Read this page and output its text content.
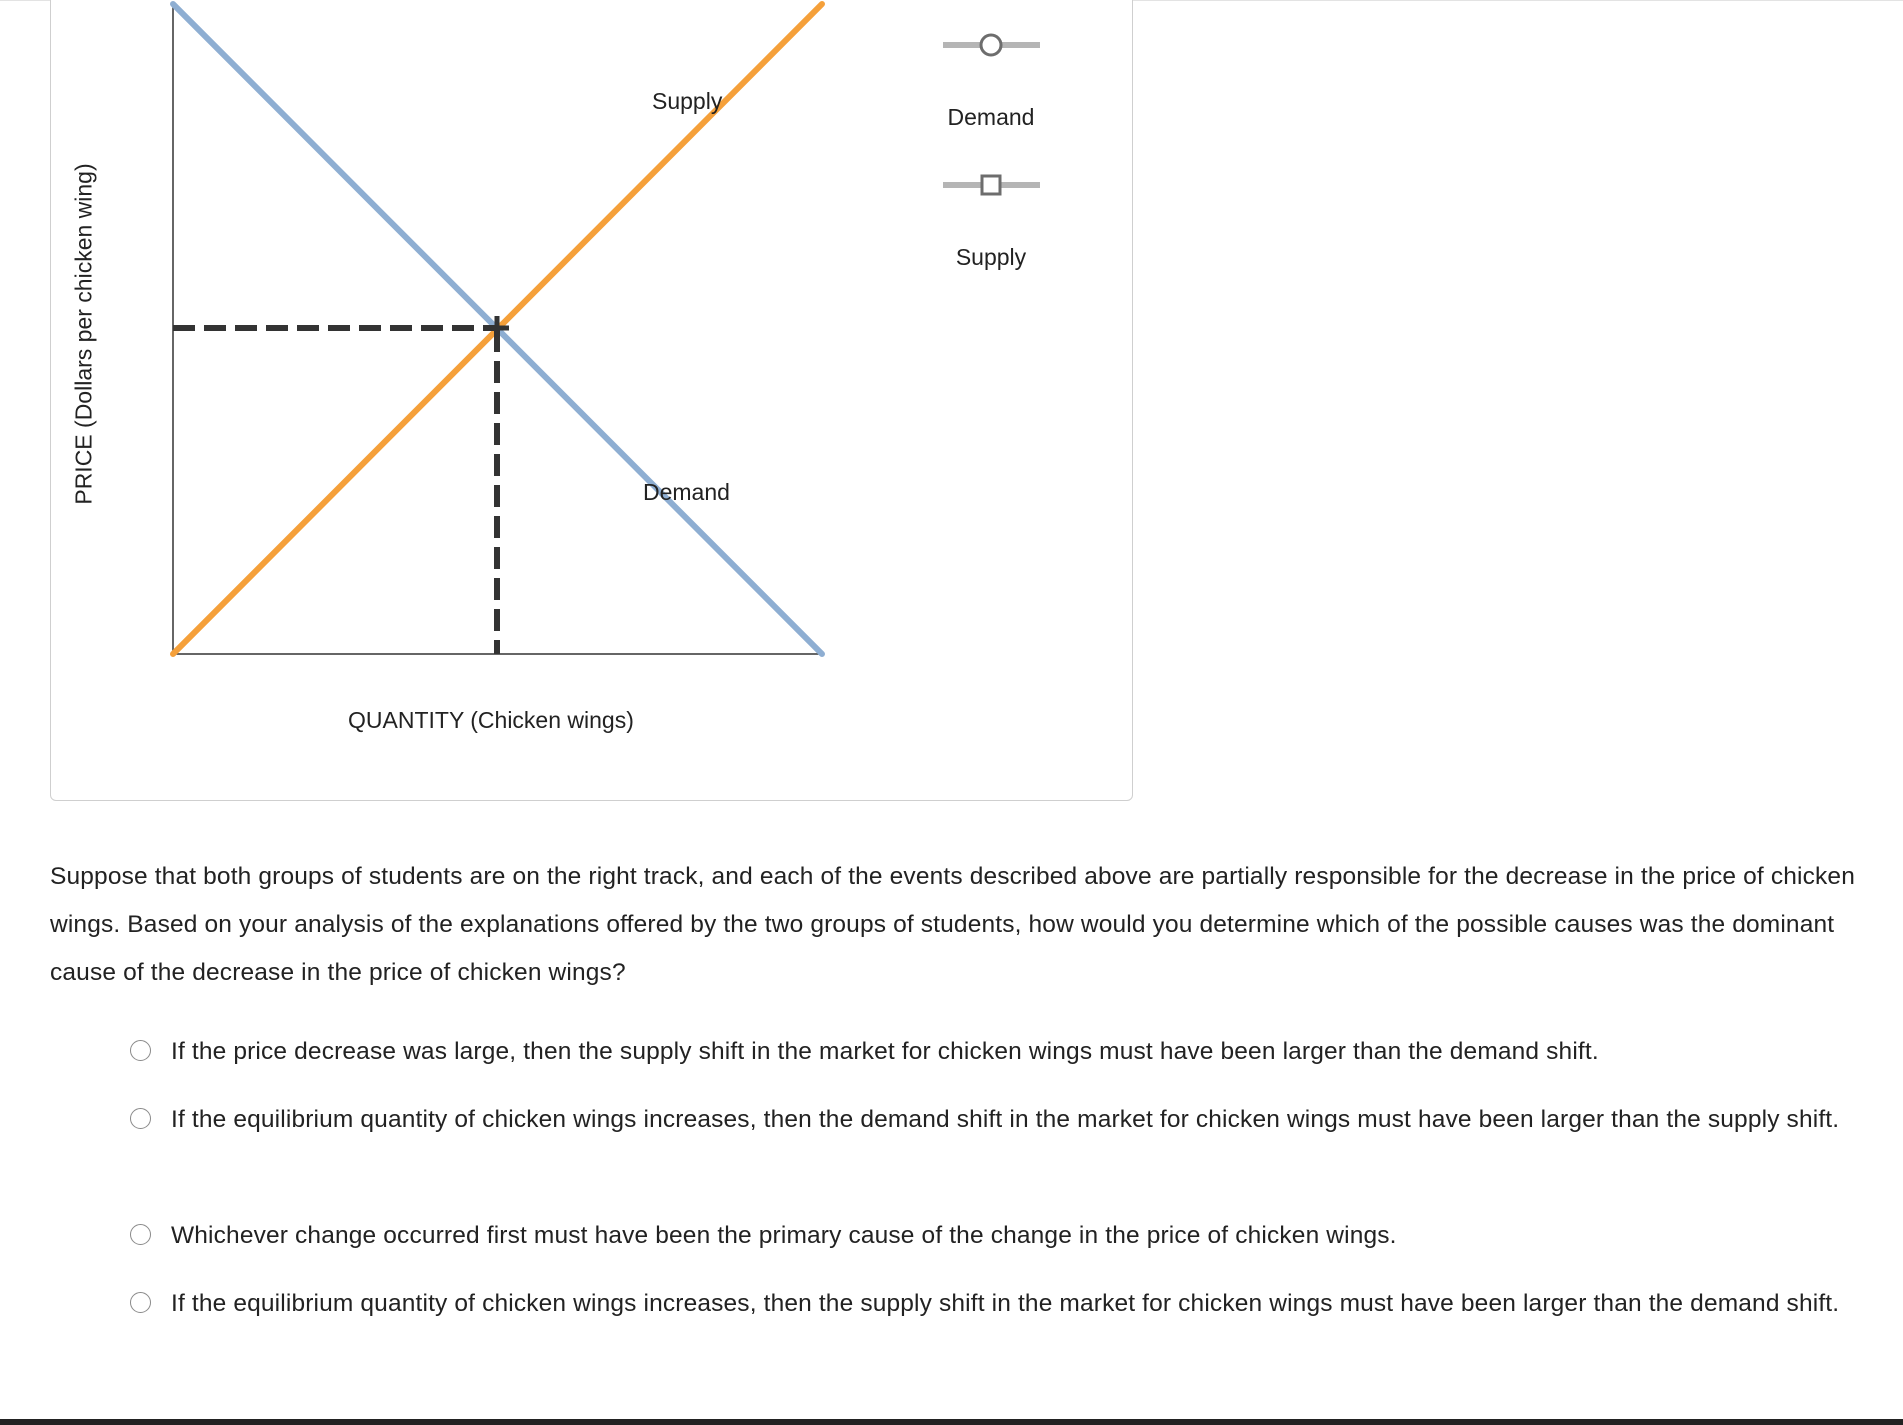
PRICE (Dollars per chicken wing)
QUANTITY (Chicken wings)
Supply
Demand
Demand
Supply
Suppose that both groups of students are on the right track, and each of the events described above are partially responsible for the decrease in the price of chicken wings. Based on your analysis of the explanations offered by the two groups of students, how would you determine which of the possible causes was the dominant cause of the decrease in the price of chicken wings?
If the price decrease was large, then the supply shift in the market for chicken wings must have been larger than the demand shift.
If the equilibrium quantity of chicken wings increases, then the demand shift in the market for chicken wings must have been larger than the supply shift.
Whichever change occurred first must have been the primary cause of the change in the price of chicken wings.
If the equilibrium quantity of chicken wings increases, then the supply shift in the market for chicken wings must have been larger than the demand shift.
